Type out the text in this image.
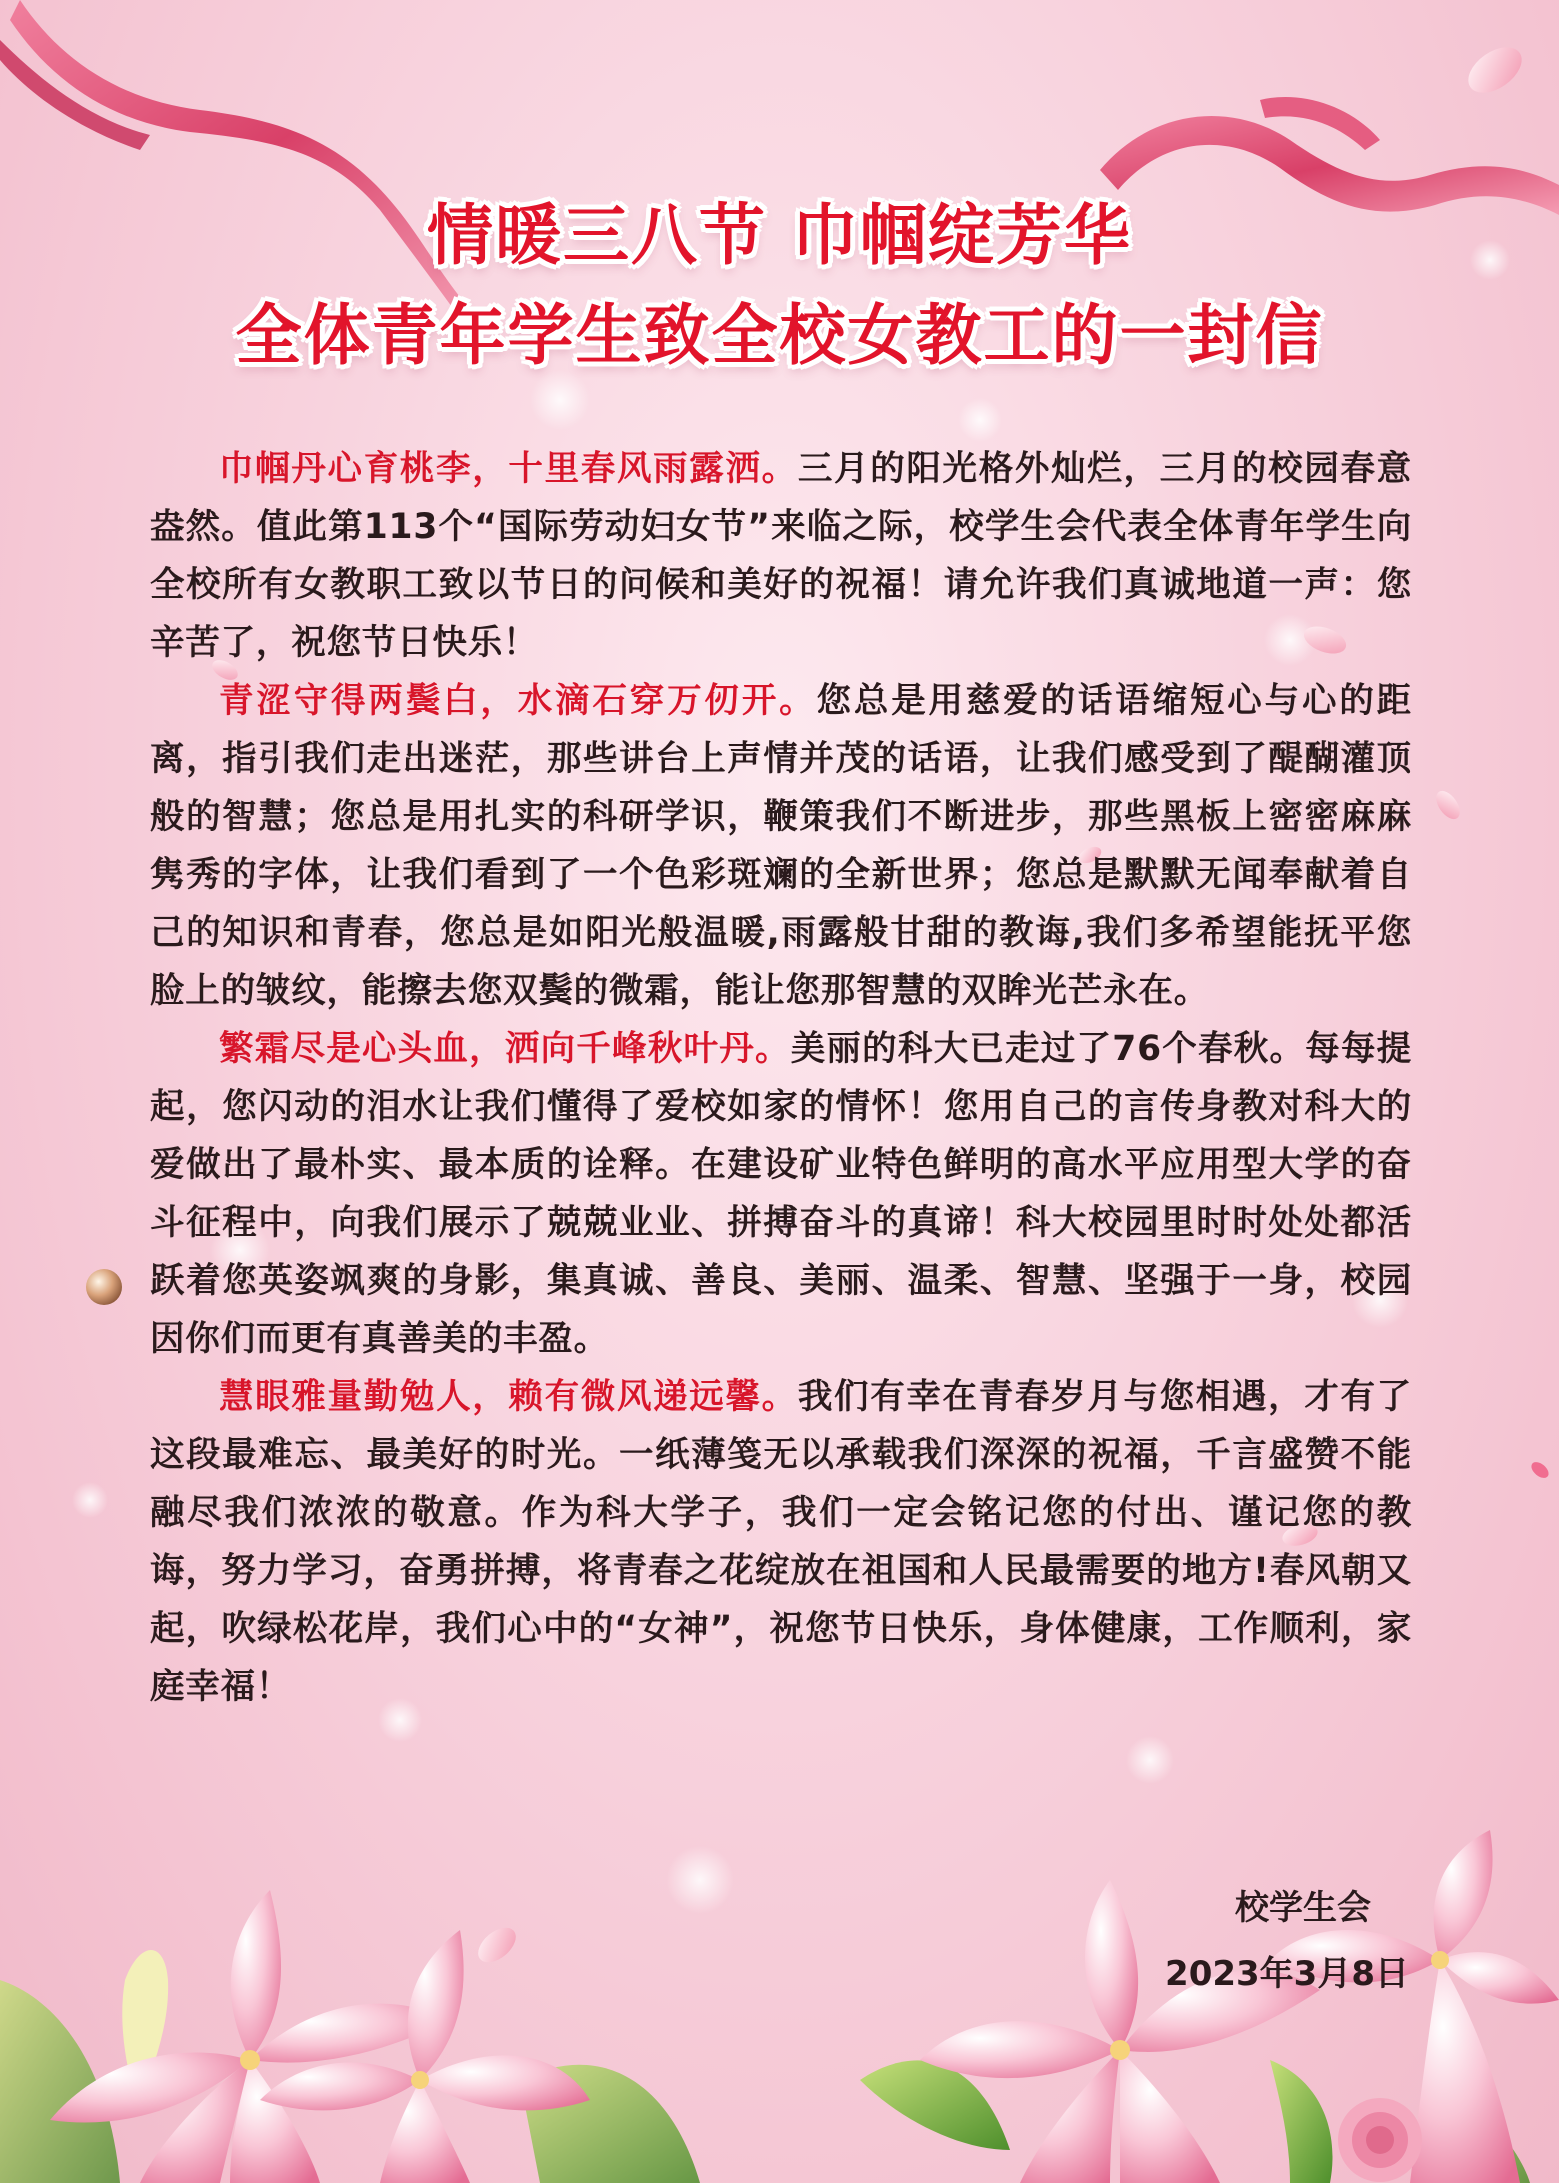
情暖三八节 巾帼绽芳华
全体青年学生致全校女教工的一封信

巾帼丹心育桃李，十里春风雨露洒。三月的阳光格外灿烂，三月的校园春意盎然。值此第113个“国际劳动妇女节”来临之际，校学生会代表全体青年学生向全校所有女教职工致以节日的问候和美好的祝福！请允许我们真诚地道一声：您辛苦了，祝您节日快乐！

青涩守得两鬓白，水滴石穿万仞开。您总是用慈爱的话语缩短心与心的距离，指引我们走出迷茫，那些讲台上声情并茂的话语，让我们感受到了醍醐灌顶般的智慧；您总是用扎实的科研学识，鞭策我们不断进步，那些黑板上密密麻麻隽秀的字体，让我们看到了一个色彩斑斓的全新世界；您总是默默无闻奉献着自己的知识和青春，您总是如阳光般温暖,雨露般甘甜的教诲,我们多希望能抚平您脸上的皱纹，能擦去您双鬓的微霜，能让您那智慧的双眸光芒永在。

繁霜尽是心头血，洒向千峰秋叶丹。美丽的科大已走过了76个春秋。每每提起，您闪动的泪水让我们懂得了爱校如家的情怀！您用自己的言传身教对科大的爱做出了最朴实、最本质的诠释。在建设矿业特色鲜明的高水平应用型大学的奋斗征程中，向我们展示了兢兢业业、拼搏奋斗的真谛！科大校园里时时处处都活跃着您英姿飒爽的身影，集真诚、善良、美丽、温柔、智慧、坚强于一身，校园因你们而更有真善美的丰盈。

慧眼雅量勤勉人，赖有微风递远馨。我们有幸在青春岁月与您相遇，才有了这段最难忘、最美好的时光。一纸薄笺无以承载我们深深的祝福，千言盛赞不能融尽我们浓浓的敬意。作为科大学子，我们一定会铭记您的付出、谨记您的教诲，努力学习，奋勇拼搏，将青春之花绽放在祖国和人民最需要的地方!春风朝又起，吹绿松花岸，我们心中的“女神”，祝您节日快乐，身体健康，工作顺利，家庭幸福！

校学生会
2023年3月8日
